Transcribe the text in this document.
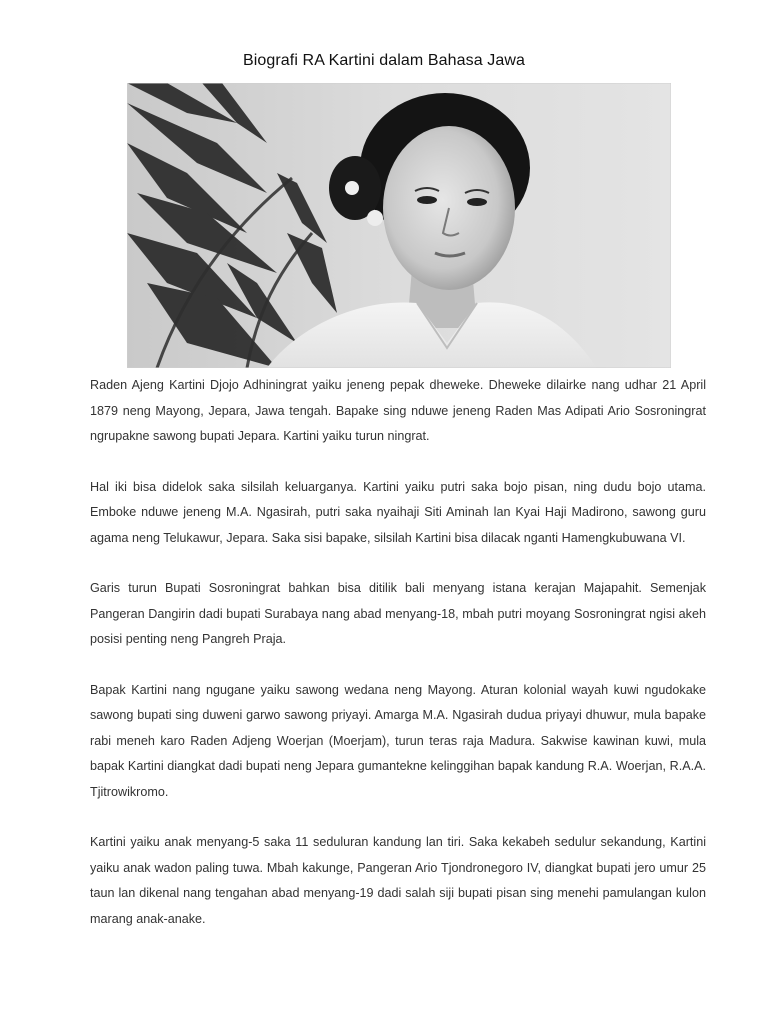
Biografi RA Kartini dalam Bahasa Jawa

Raden Ajeng Kartini Djojo Adhiningrat yaiku jeneng pepak dheweke. Dheweke dilairke nang udhar 21 April 1879 neng Mayong, Jepara, Jawa tengah. Bapake sing nduwe jeneng Raden Mas Adipati Ario Sosroningrat ngrupakne sawong bupati Jepara. Kartini yaiku turun ningrat.

Hal iki bisa didelok saka silsilah keluarganya. Kartini yaiku putri saka bojo pisan, ning dudu bojo utama. Emboke nduwe jeneng M.A. Ngasirah, putri saka nyaihaji Siti Aminah lan Kyai Haji Madirono, sawong guru agama neng Telukawur, Jepara. Saka sisi bapake, silsilah Kartini bisa dilacak nganti Hamengkubuwana VI.

Garis turun Bupati Sosroningrat bahkan bisa ditilik bali menyang istana kerajan Majapahit. Semenjak Pangeran Dangirin dadi bupati Surabaya nang abad menyang-18, mbah putri moyang Sosroningrat ngisi akeh posisi penting neng Pangreh Praja.

Bapak Kartini nang ngugane yaiku sawong wedana neng Mayong. Aturan kolonial wayah kuwi ngudokake sawong bupati sing duweni garwo sawong priyayi. Amarga M.A. Ngasirah dudua priyayi dhuwur, mula bapake rabi meneh karo Raden Adjeng Woerjan (Moerjam), turun teras raja Madura. Sakwise kawinan kuwi, mula bapak Kartini diangkat dadi bupati neng Jepara gumantekne kelinggihan bapak kandung R.A. Woerjan, R.A.A. Tjitrowikromo.

Kartini yaiku anak menyang-5 saka 11 seduluran kandung lan tiri. Saka kekabeh sedulur sekandung, Kartini yaiku anak wadon paling tuwa. Mbah kakunge, Pangeran Ario Tjondronegoro IV, diangkat bupati jero umur 25 taun lan dikenal nang tengahan abad menyang-19 dadi salah siji bupati pisan sing menehi pamulangan kulon marang anak-anake.
